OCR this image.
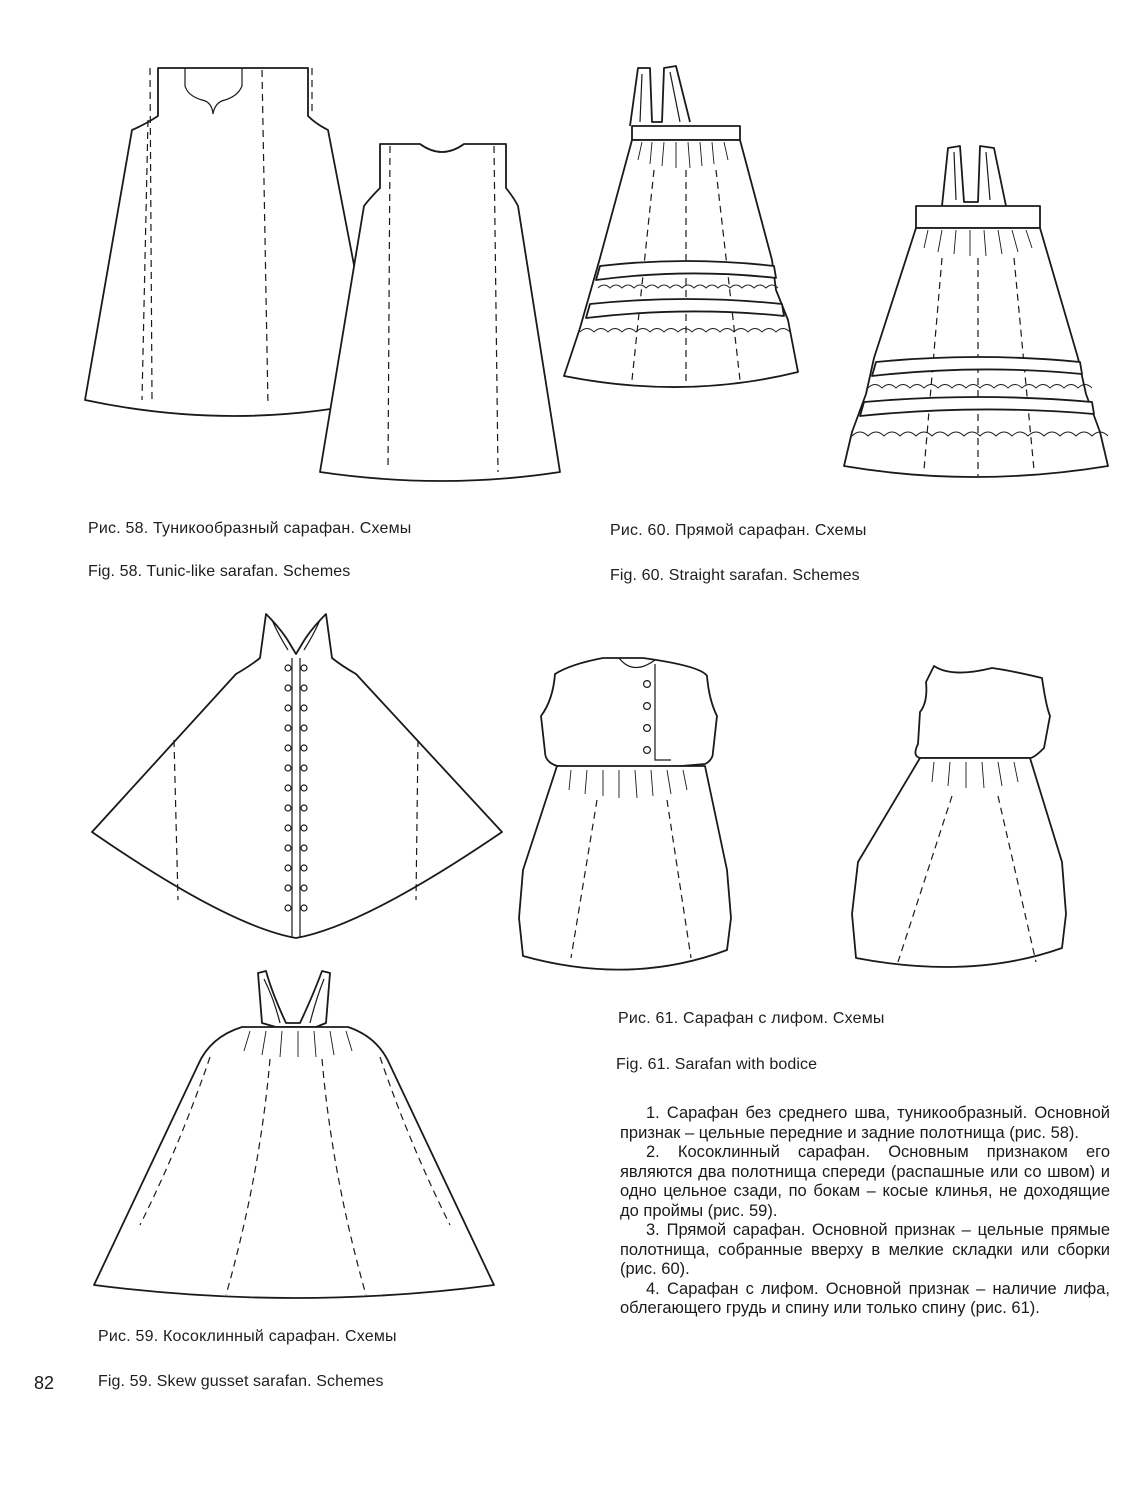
Рис. 58. Туникообразный сарафан. Схемы
Fig. 58. Tunic-like sarafan. Schemes
Рис. 60. Прямой сарафан. Схемы
Fig. 60. Straight sarafan. Schemes
Рис. 59. Косоклинный сарафан. Схемы
Fig. 59. Skew gusset sarafan. Schemes
Рис. 61. Сарафан с лифом. Схемы
Fig. 61. Sarafan with bodice

1. Сарафан без среднего шва, туникообразный. Основной признак – цельные передние и задние полотнища (рис. 58).

2. Косоклинный сарафан. Основным признаком его являются два полотнища спереди (распашные или со швом) и одно цельное сзади, по бокам – косые клинья, не доходящие до проймы (рис. 59).

3. Прямой сарафан. Основной признак – цельные прямые полотнища, собранные вверху в мелкие складки или сборки (рис. 60).

4. Сарафан с лифом. Основной признак – наличие лифа, облегающего грудь и спину или только спину (рис. 61).

82
